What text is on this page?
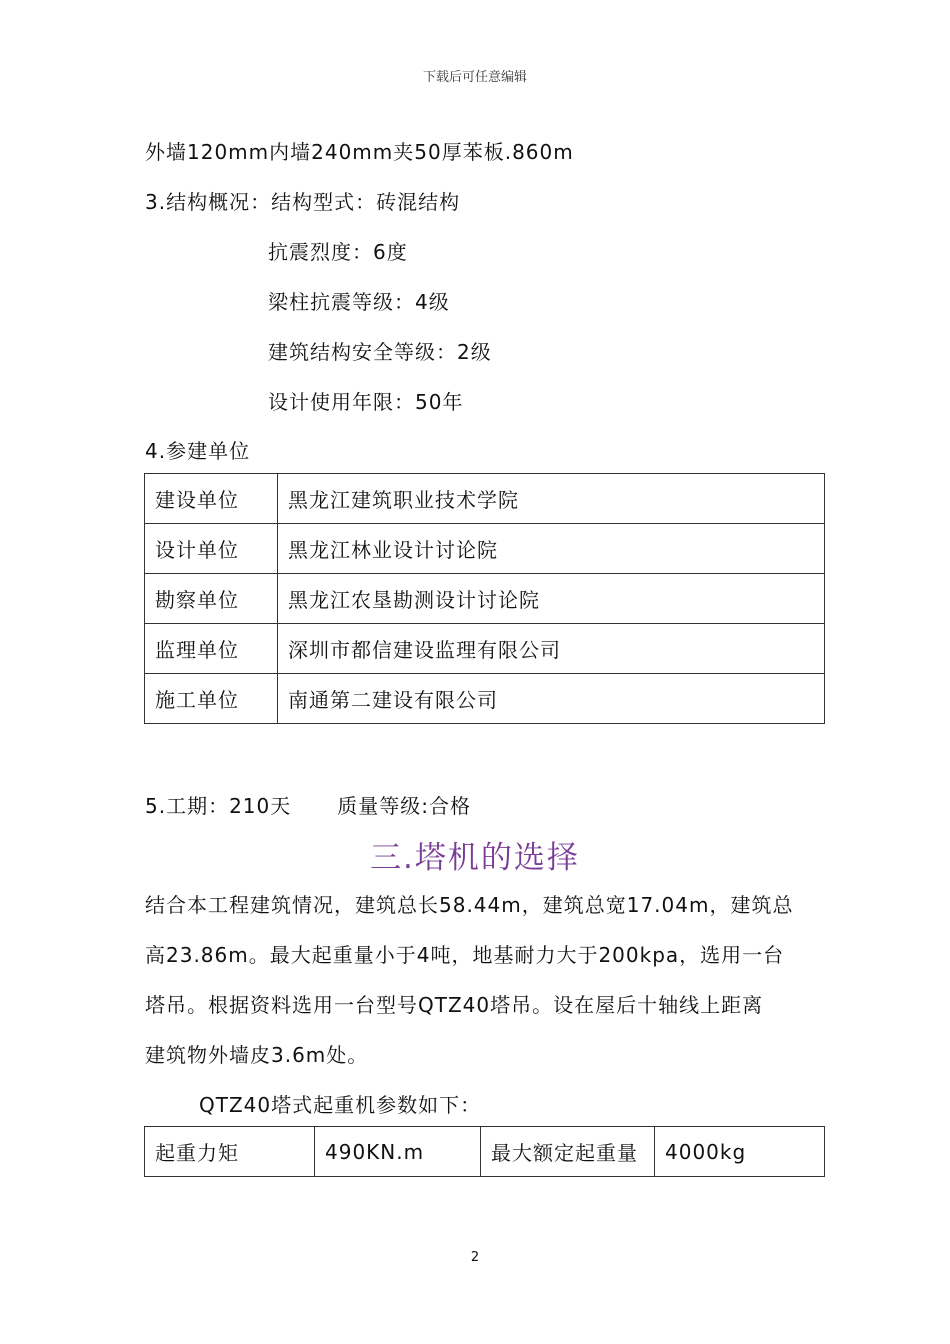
下载后可任意编辑
外墙120mm内墙240mm夹50厚苯板.860m
3.结构概况：结构型式：砖混结构
抗震烈度：6度
梁柱抗震等级：4级
建筑结构安全等级：2级
设计使用年限：50年
4.参建单位
建设单位	黑龙江建筑职业技术学院
设计单位	黑龙江林业设计讨论院
勘察单位	黑龙江农垦勘测设计讨论院
监理单位	深圳市都信建设监理有限公司
施工单位	南通第二建设有限公司
5.工期：210天 质量等级:合格
三.塔机的选择
结合本工程建筑情况，建筑总长58.44m，建筑总宽17.04m，建筑总
高23.86m。最大起重量小于4吨，地基耐力大于200kpa，选用一台
塔吊。根据资料选用一台型号QTZ40塔吊。设在屋后十轴线上距离
建筑物外墙皮3.6m处。
QTZ40塔式起重机参数如下：
起重力矩	490KN.m	最大额定起重量	4000kg
2
